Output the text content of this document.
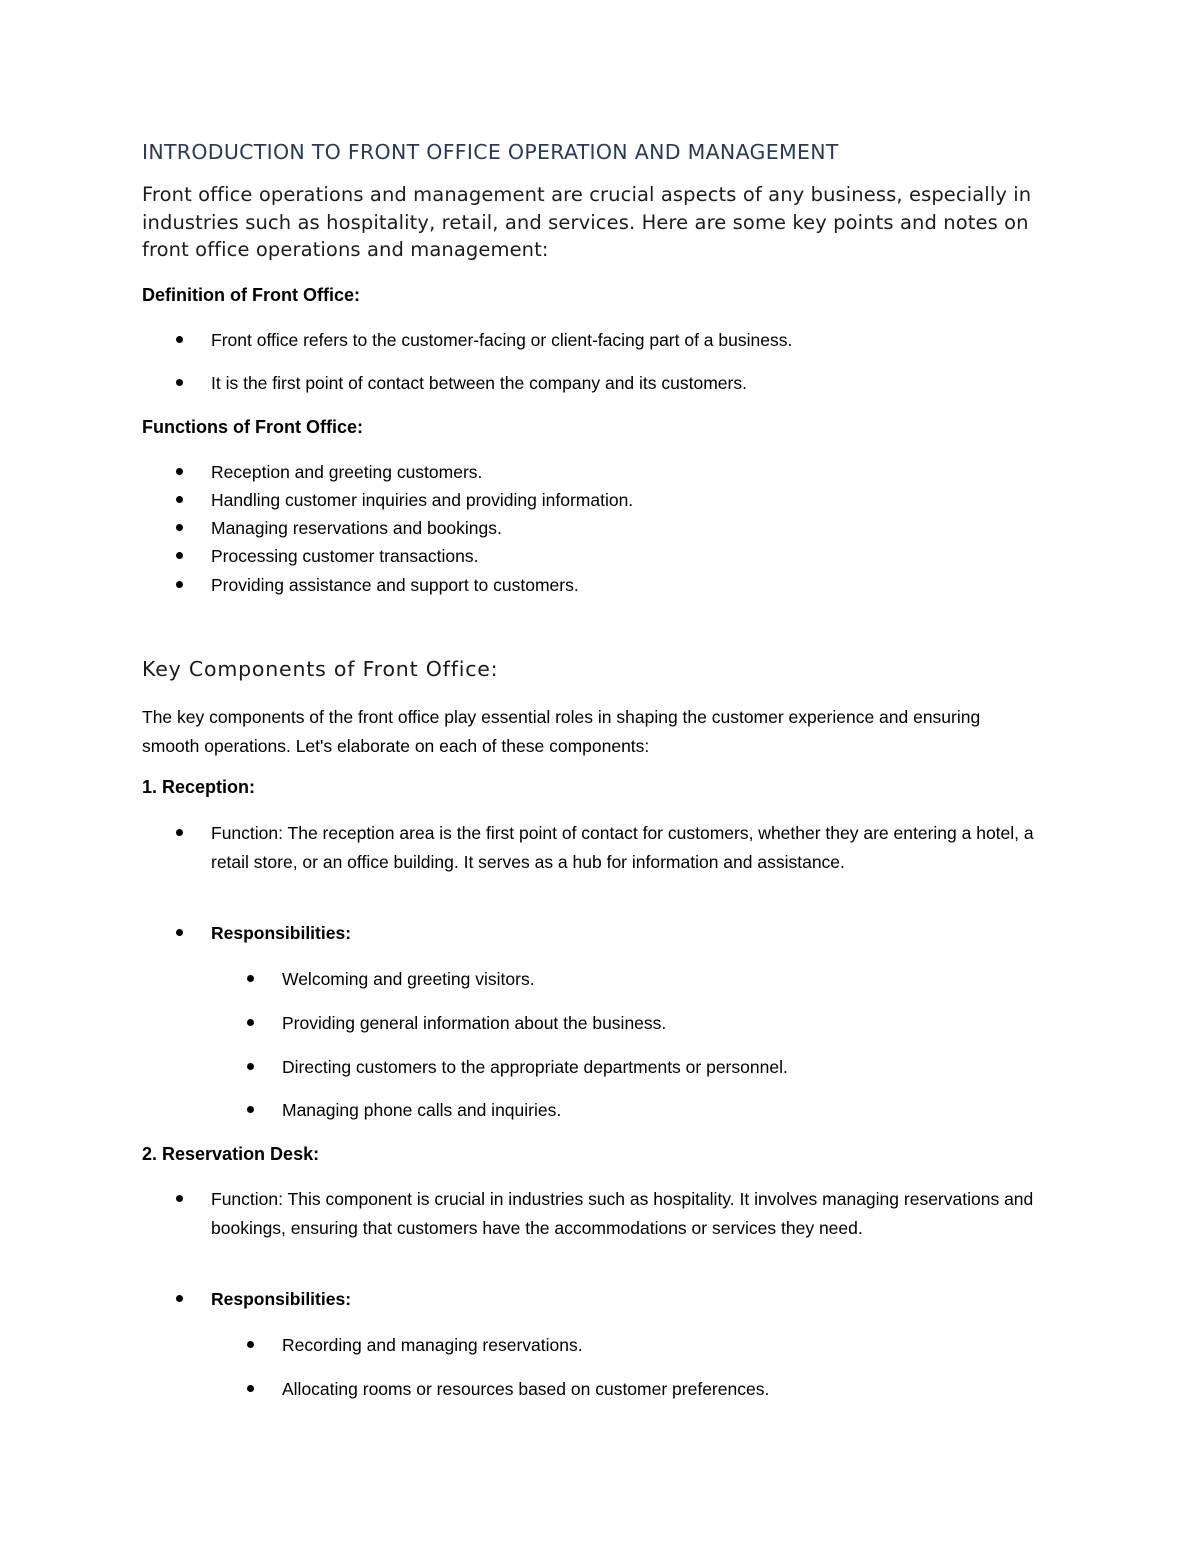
INTRODUCTION TO FRONT OFFICE OPERATION AND MANAGEMENT
Front office operations and management are crucial aspects of any business, especially in industries such as hospitality, retail, and services. Here are some key points and notes on front office operations and management:
Definition of Front Office:
Front office refers to the customer-facing or client-facing part of a business.
It is the first point of contact between the company and its customers.
Functions of Front Office:
Reception and greeting customers.
Handling customer inquiries and providing information.
Managing reservations and bookings.
Processing customer transactions.
Providing assistance and support to customers.
Key Components of Front Office:
The key components of the front office play essential roles in shaping the customer experience and ensuring smooth operations. Let's elaborate on each of these components:
1. Reception:
Function: The reception area is the first point of contact for customers, whether they are entering a hotel, a retail store, or an office building. It serves as a hub for information and assistance.
Responsibilities:
Welcoming and greeting visitors.
Providing general information about the business.
Directing customers to the appropriate departments or personnel.
Managing phone calls and inquiries.
2. Reservation Desk:
Function: This component is crucial in industries such as hospitality. It involves managing reservations and bookings, ensuring that customers have the accommodations or services they need.
Responsibilities:
Recording and managing reservations.
Allocating rooms or resources based on customer preferences.
